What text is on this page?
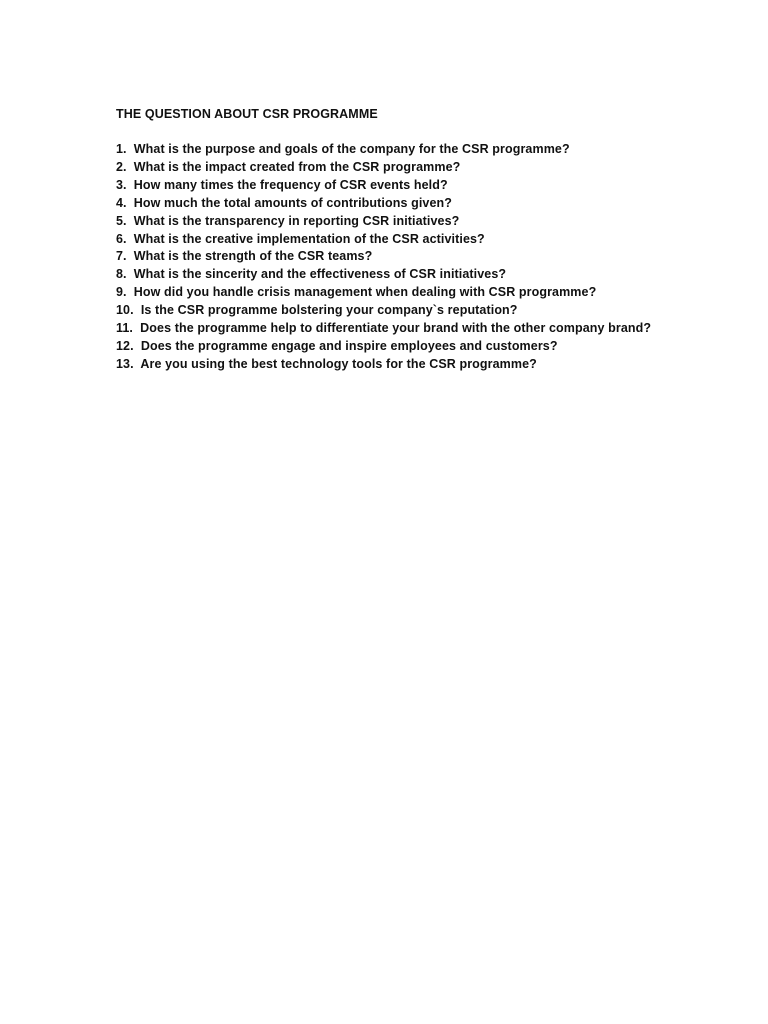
THE QUESTION ABOUT CSR PROGRAMME
1. What is the purpose and goals of the company for the CSR programme?
2. What is the impact created from the CSR programme?
3. How many times the frequency of CSR events held?
4. How much the total amounts of contributions given?
5. What is the transparency in reporting CSR initiatives?
6. What is the creative implementation of the CSR activities?
7. What is the strength of the CSR teams?
8. What is the sincerity and the effectiveness of CSR initiatives?
9. How did you handle crisis management when dealing with CSR programme?
10. Is the CSR programme bolstering your company`s reputation?
11. Does the programme help to differentiate your brand with the other company brand?
12. Does the programme engage and inspire employees and customers?
13. Are you using the best technology tools for the CSR programme?
